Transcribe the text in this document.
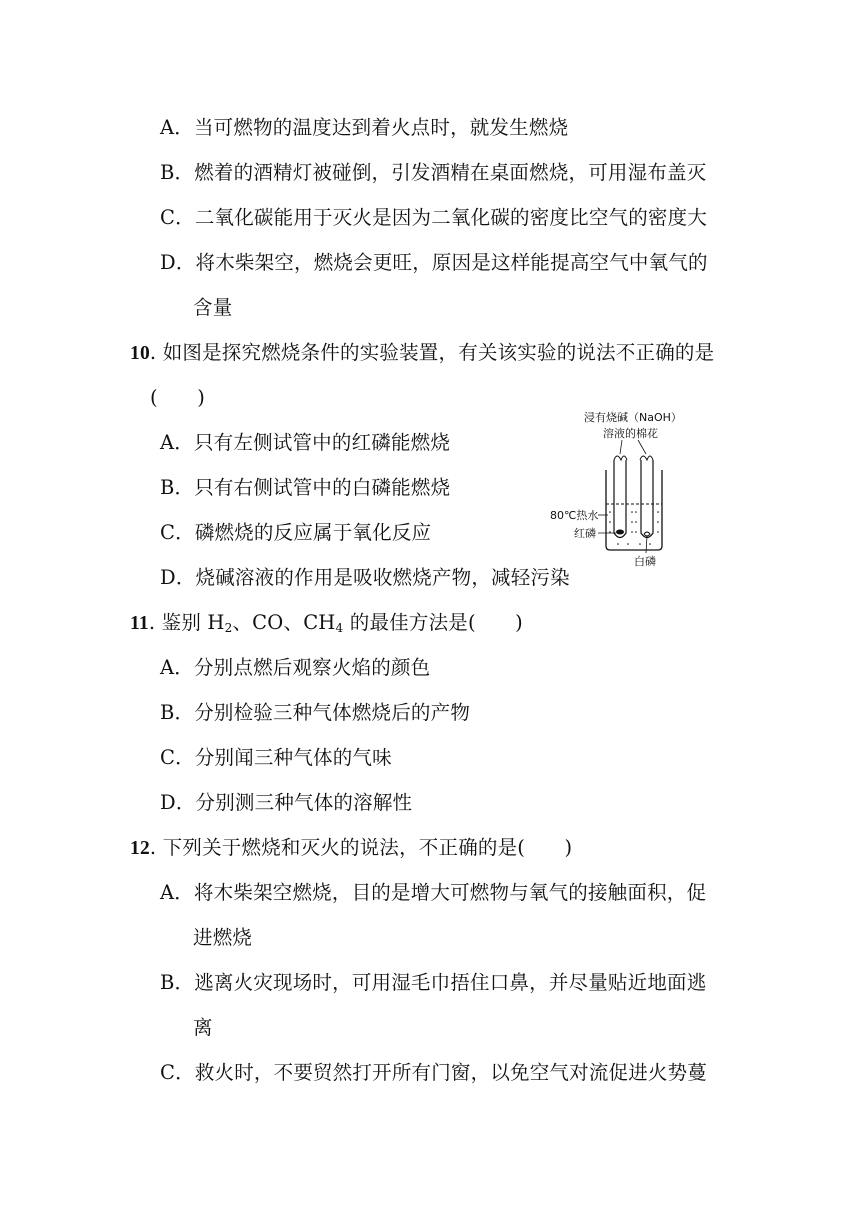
A．当可燃物的温度达到着火点时，就发生燃烧
B．燃着的酒精灯被碰倒，引发酒精在桌面燃烧，可用湿布盖灭
C．二氧化碳能用于灭火是因为二氧化碳的密度比空气的密度大
D．将木柴架空，燃烧会更旺，原因是这样能提高空气中氧气的
含量
10. 如图是探究燃烧条件的实验装置，有关该实验的说法不正确的是
(　　)
A．只有左侧试管中的红磷能燃烧
B．只有右侧试管中的白磷能燃烧
C．磷燃烧的反应属于氧化反应
D．烧碱溶液的作用是吸收燃烧产物，减轻污染
浸有烧碱（NaOH）
溶液的棉花
80℃热水
红磷
白磷
11. 鉴别 $H_2$、CO、$CH_4$ 的最佳方法是(　　)
A．分别点燃后观察火焰的颜色
B．分别检验三种气体燃烧后的产物
C．分别闻三种气体的气味
D．分别测三种气体的溶解性
12. 下列关于燃烧和灭火的说法，不正确的是(　　)
A．将木柴架空燃烧，目的是增大可燃物与氧气的接触面积，促
进燃烧
B．逃离火灾现场时，可用湿毛巾捂住口鼻，并尽量贴近地面逃
离
C．救火时，不要贸然打开所有门窗，以免空气对流促进火势蔓
